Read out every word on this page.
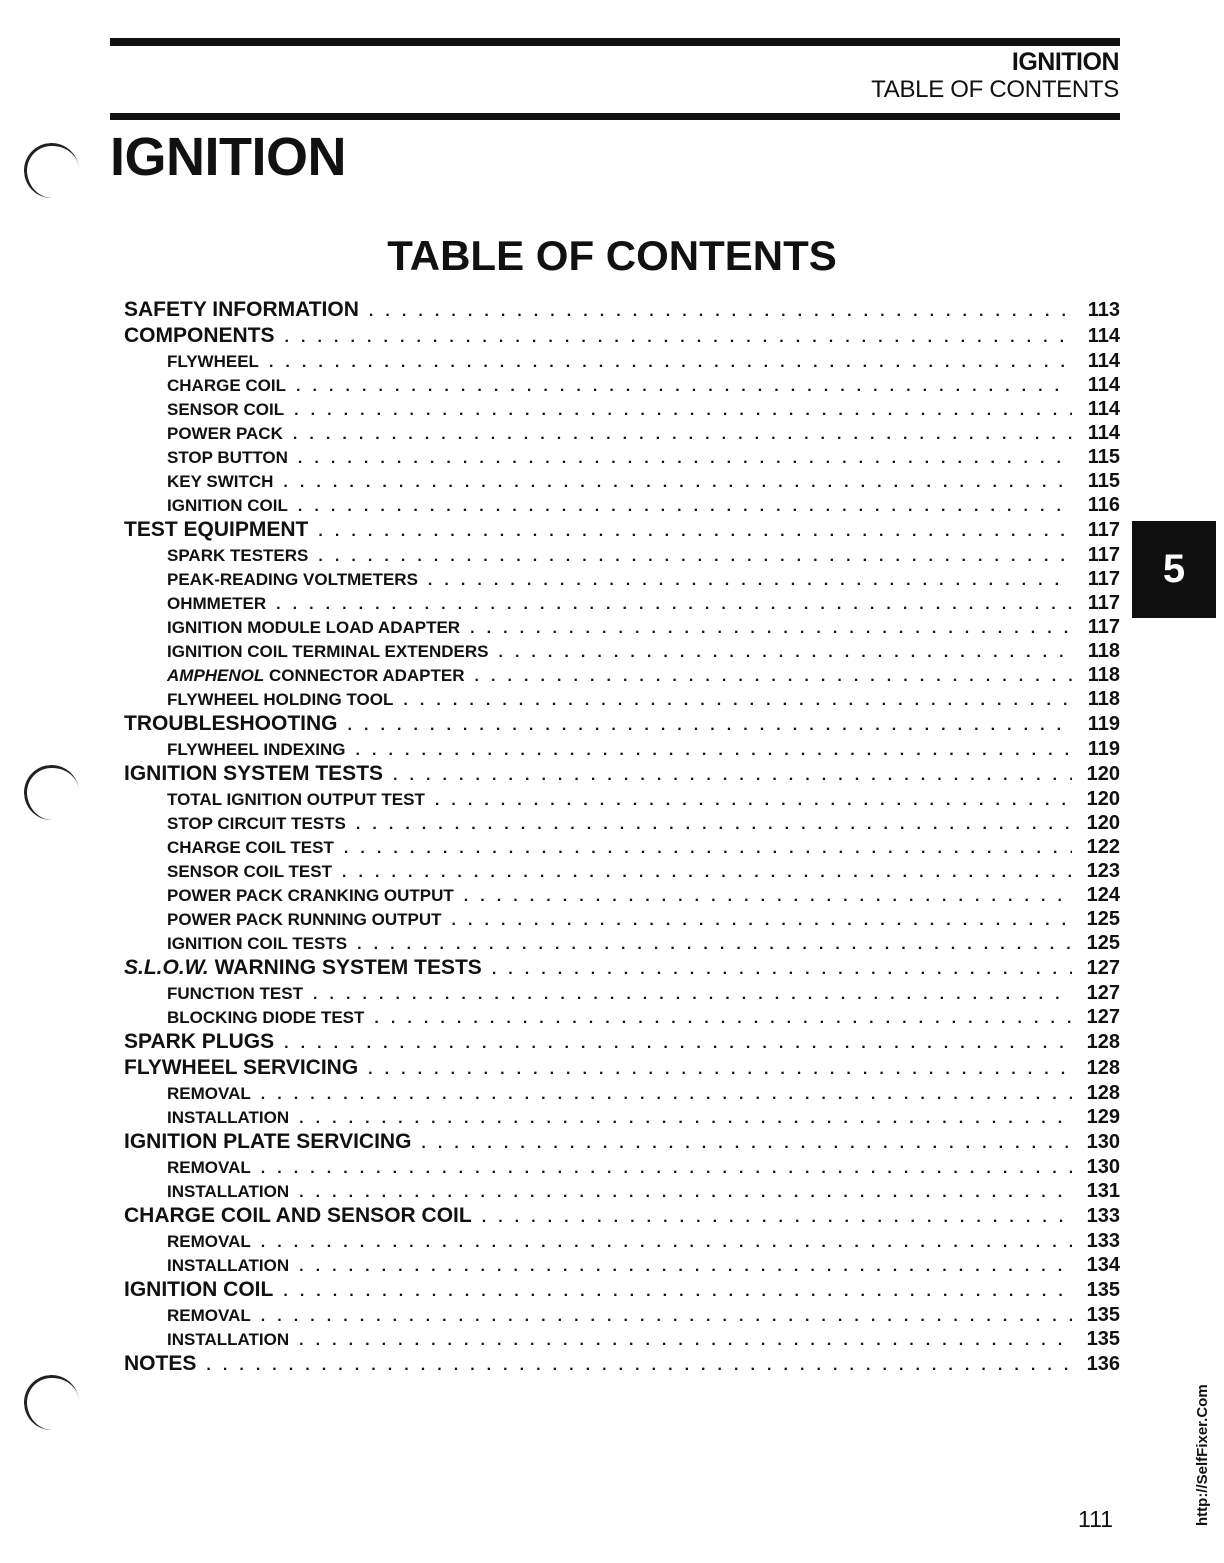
IGNITION
TABLE OF CONTENTS
IGNITION
TABLE OF CONTENTS
5
SAFETY INFORMATION . . .	113
COMPONENTS . . .	114
FLYWHEEL . . .	114
CHARGE COIL . . .	114
SENSOR COIL . . .	114
POWER PACK . . .	114
STOP BUTTON . . .	115
KEY SWITCH . . .	115
IGNITION COIL . . .	116
TEST EQUIPMENT . . .	117
SPARK TESTERS . . .	117
PEAK-READING VOLTMETERS . . .	117
OHMMETER . . .	117
IGNITION MODULE LOAD ADAPTER . . .	117
IGNITION COIL TERMINAL EXTENDERS . . .	118
AMPHENOL CONNECTOR ADAPTER . . .	118
FLYWHEEL HOLDING TOOL . . .	118
TROUBLESHOOTING . . .	119
FLYWHEEL INDEXING . . .	119
IGNITION SYSTEM TESTS . . .	120
TOTAL IGNITION OUTPUT TEST . . .	120
STOP CIRCUIT TESTS . . .	120
CHARGE COIL TEST . . .	122
SENSOR COIL TEST . . .	123
POWER PACK CRANKING OUTPUT . . .	124
POWER PACK RUNNING OUTPUT . . .	125
IGNITION COIL TESTS . . .	125
S.L.O.W. WARNING SYSTEM TESTS . . .	127
FUNCTION TEST . . .	127
BLOCKING DIODE TEST . . .	127
SPARK PLUGS . . .	128
FLYWHEEL SERVICING . . .	128
REMOVAL . . .	128
INSTALLATION . . .	129
IGNITION PLATE SERVICING . . .	130
REMOVAL . . .	130
INSTALLATION . . .	131
CHARGE COIL AND SENSOR COIL . . .	133
REMOVAL . . .	133
INSTALLATION . . .	134
IGNITION COIL . . .	135
REMOVAL . . .	135
INSTALLATION . . .	135
NOTES . . .	136
111	http://SelfFixer.Com
